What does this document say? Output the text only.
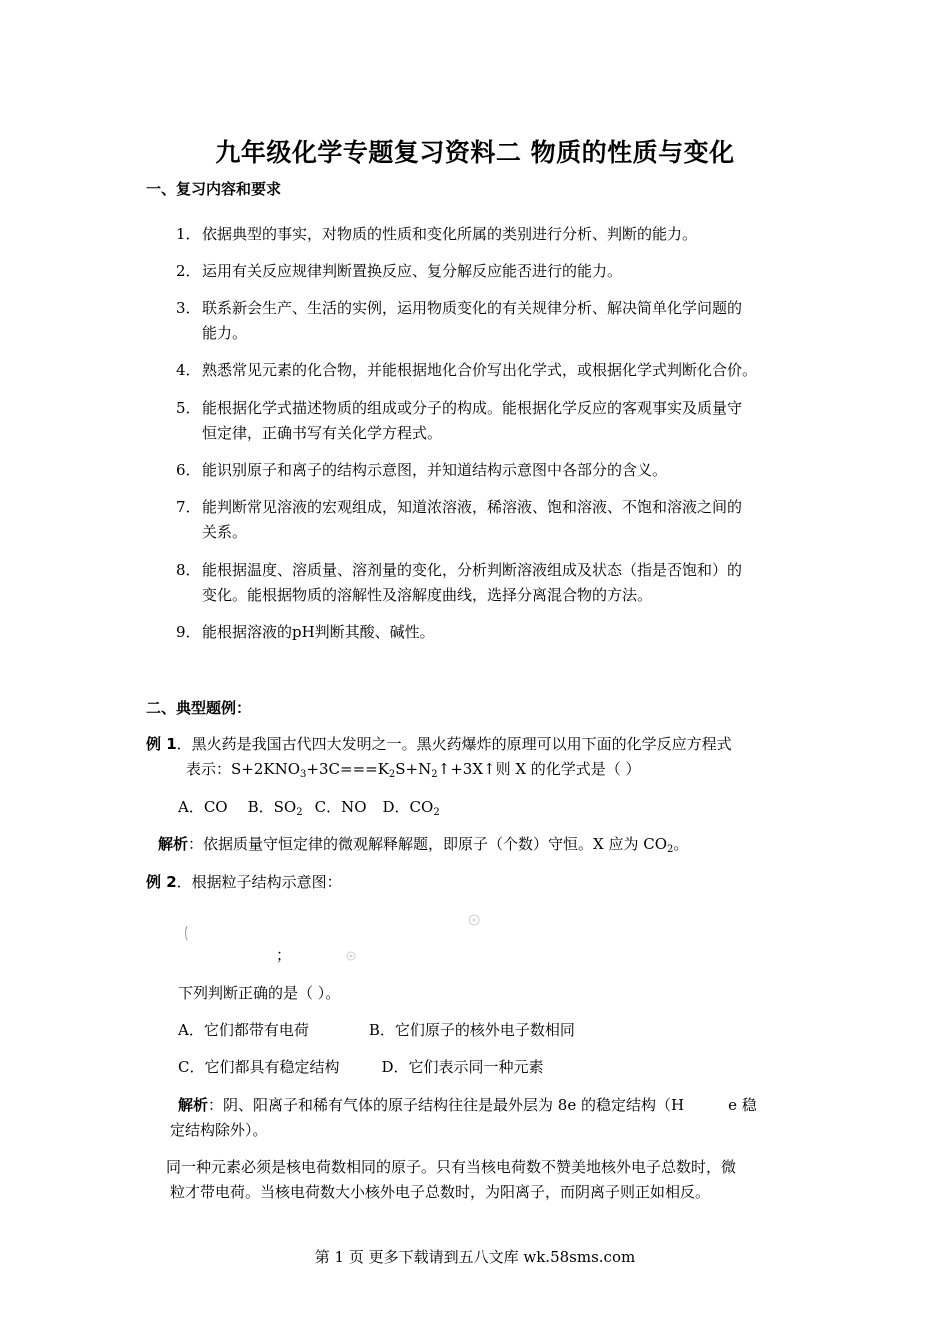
九年级化学专题复习资料二 物质的性质与变化
一、复习内容和要求
1．依据典型的事实，对物质的性质和变化所属的类别进行分析、判断的能力。
2．运用有关反应规律判断置换反应、复分解反应能否进行的能力。
3．联系新会生产、生活的实例，运用物质变化的有关规律分析、解决简单化学问题的
能力。
4．熟悉常见元素的化合物，并能根据地化合价写出化学式，或根据化学式判断化合价。
5．能根据化学式描述物质的组成或分子的构成。能根据化学反应的客观事实及质量守
恒定律，正确书写有关化学方程式。
6．能识别原子和离子的结构示意图，并知道结构示意图中各部分的含义。
7．能判断常见溶液的宏观组成，知道浓溶液，稀溶液、饱和溶液、不饱和溶液之间的
关系。
8．能根据温度、溶质量、溶剂量的变化，分析判断溶液组成及状态（指是否饱和）的
变化。能根据物质的溶解性及溶解度曲线，选择分离混合物的方法。
9．能根据溶液的pH判断其酸、碱性。
二、典型题例：
例 1．黑火药是我国古代四大发明之一。黑火药爆炸的原理可以用下面的化学反应方程式
表示：$S+2KNO_3+3C===K_2S+N_2↑+3X↑$则 X 的化学式是（ ）
A．CO B．$SO_2$ C．NO D．$CO_2$
解析：依据质量守恒定律的微观解释解题，即原子（个数）守恒。X 应为 $CO_2$。
例 2．根据粒子结构示意图：
；
下列判断正确的是（ ）。
A．它们都带有电荷	B．它们原子的核外电子数相同
C．它们都具有稳定结构	D．它们表示同一种元素
解析：阴、阳离子和稀有气体的原子结构往往是最外层为 8e 的稳定结构（H	e 稳
定结构除外）。
同一种元素必须是核电荷数相同的原子。只有当核电荷数不赞美地核外电子总数时，微
粒才带电荷。当核电荷数大小核外电子总数时，为阳离子，而阴离子则正如相反。
第 1 页 更多下载请到五八文库 wk.58sms.com
